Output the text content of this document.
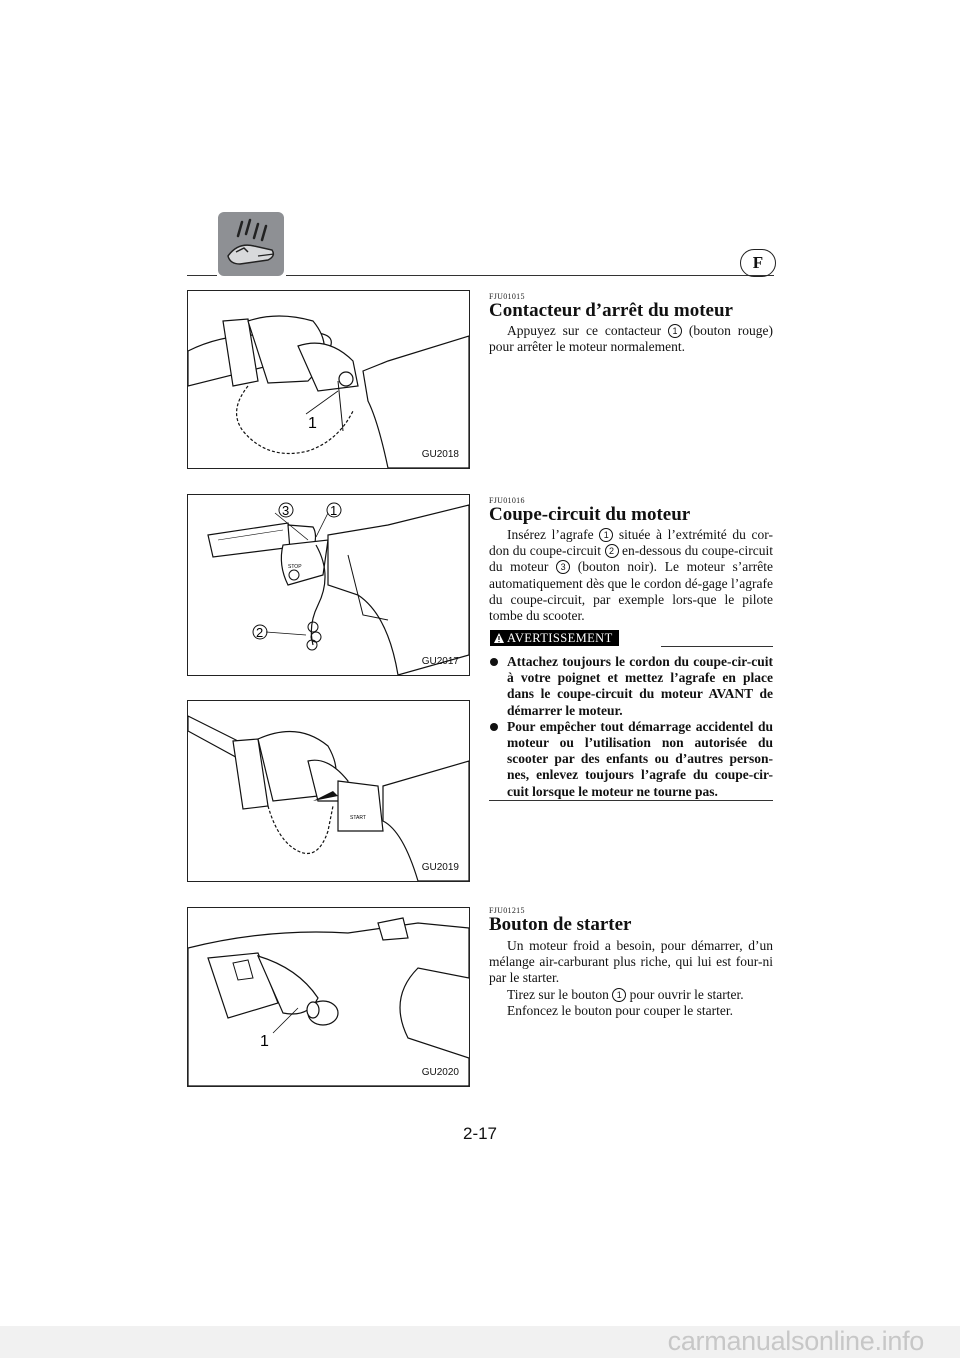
F
1
GU2018
FJU01015
Contacteur d’arrêt du moteur

Appuyez sur ce contacteur 1 (bouton rouge) pour arrêter le moteur normalement.

STOP
3	1
2
GU2017
FJU01016
Coupe-circuit du moteur

Insérez l’agrafe 1 située à l’extrémité du cor-don du coupe-circuit 2 en-dessous du coupe-circuit du moteur 3 (bouton noir). Le moteur s’arrête automatiquement dès que le cordon dé-gage l’agrafe du coupe-circuit, par exemple lors-que le pilote tombe du scooter.

AVERTISSEMENT
Attachez toujours le cordon du coupe-cir-cuit à votre poignet et mettez l’agrafe en place dans le coupe-circuit du moteur AVANT de démarrer le moteur.
Pour empêcher tout démarrage accidentel du moteur ou l’utilisation non autorisée du scooter par des enfants ou d’autres person-nes, enlevez toujours l’agrafe du coupe-cir-cuit lorsque le moteur ne tourne pas.
START
GU2019
1
GU2020
FJU01215
Bouton de starter

Un moteur froid a besoin, pour démarrer, d’un mélange air-carburant plus riche, qui lui est four-ni par le starter.

Tirez sur le bouton 1 pour ouvrir le starter.

Enfoncez le bouton pour couper le starter.

2-17
carmanualsonline.info
